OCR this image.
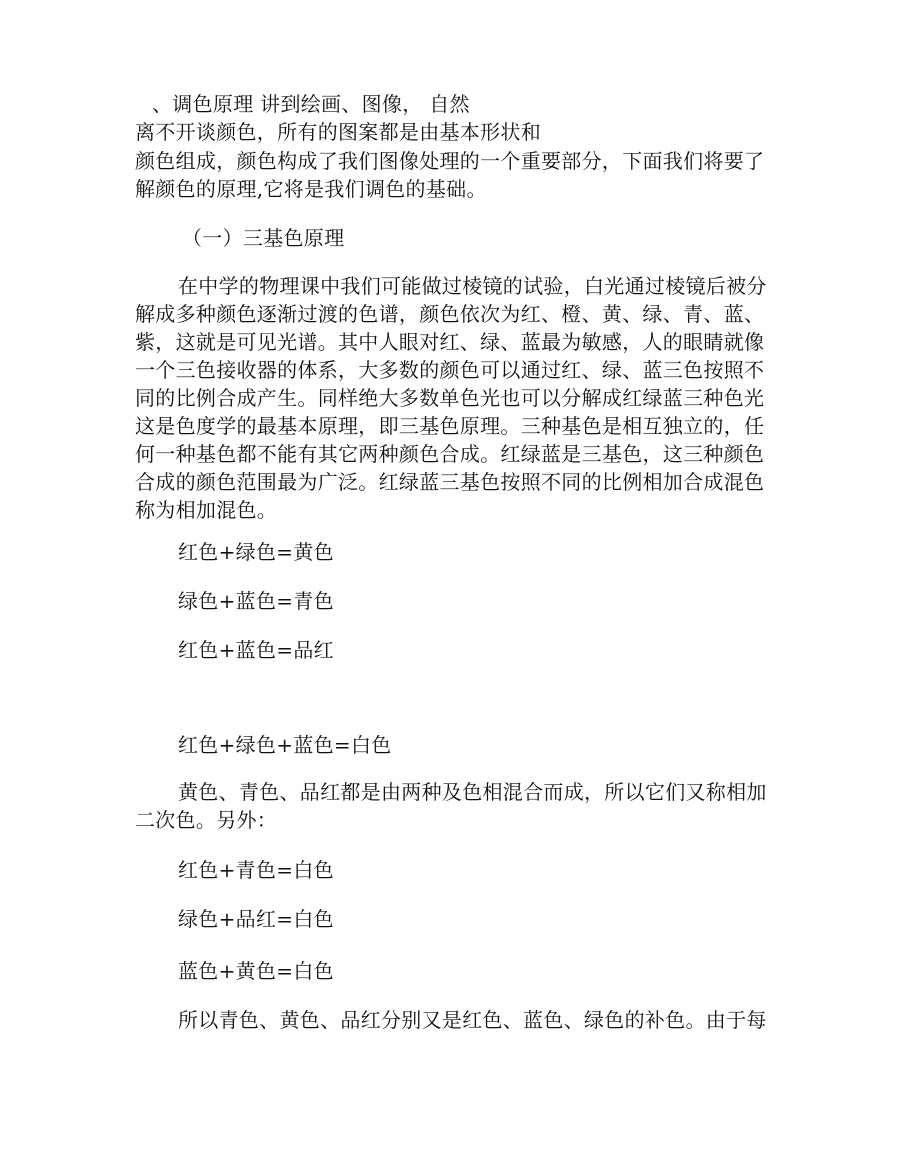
、调色原理 讲到绘画、图像， 自然
离不开谈颜色，所有的图案都是由基本形状和
颜色组成，颜色构成了我们图像处理的一个重要部分，下面我们将要了
解颜色的原理,它将是我们调色的基础。
（一）三基色原理
在中学的物理课中我们可能做过棱镜的试验，白光通过棱镜后被分
解成多种颜色逐渐过渡的色谱，颜色依次为红、橙、黄、绿、青、蓝、
紫，这就是可见光谱。其中人眼对红、绿、蓝最为敏感，人的眼睛就像
一个三色接收器的体系，大多数的颜色可以通过红、绿、蓝三色按照不
同的比例合成产生。同样绝大多数单色光也可以分解成红绿蓝三种色光
这是色度学的最基本原理，即三基色原理。三种基色是相互独立的，任
何一种基色都不能有其它两种颜色合成。红绿蓝是三基色，这三种颜色
合成的颜色范围最为广泛。红绿蓝三基色按照不同的比例相加合成混色
称为相加混色。
红色+绿色=黄色
绿色+蓝色=青色
红色+蓝色=品红
红色+绿色+蓝色=白色
黄色、青色、品红都是由两种及色相混合而成，所以它们又称相加
二次色。另外：
红色+青色=白色
绿色+品红=白色
蓝色+黄色=白色
所以青色、黄色、品红分别又是红色、蓝色、绿色的补色。由于每
